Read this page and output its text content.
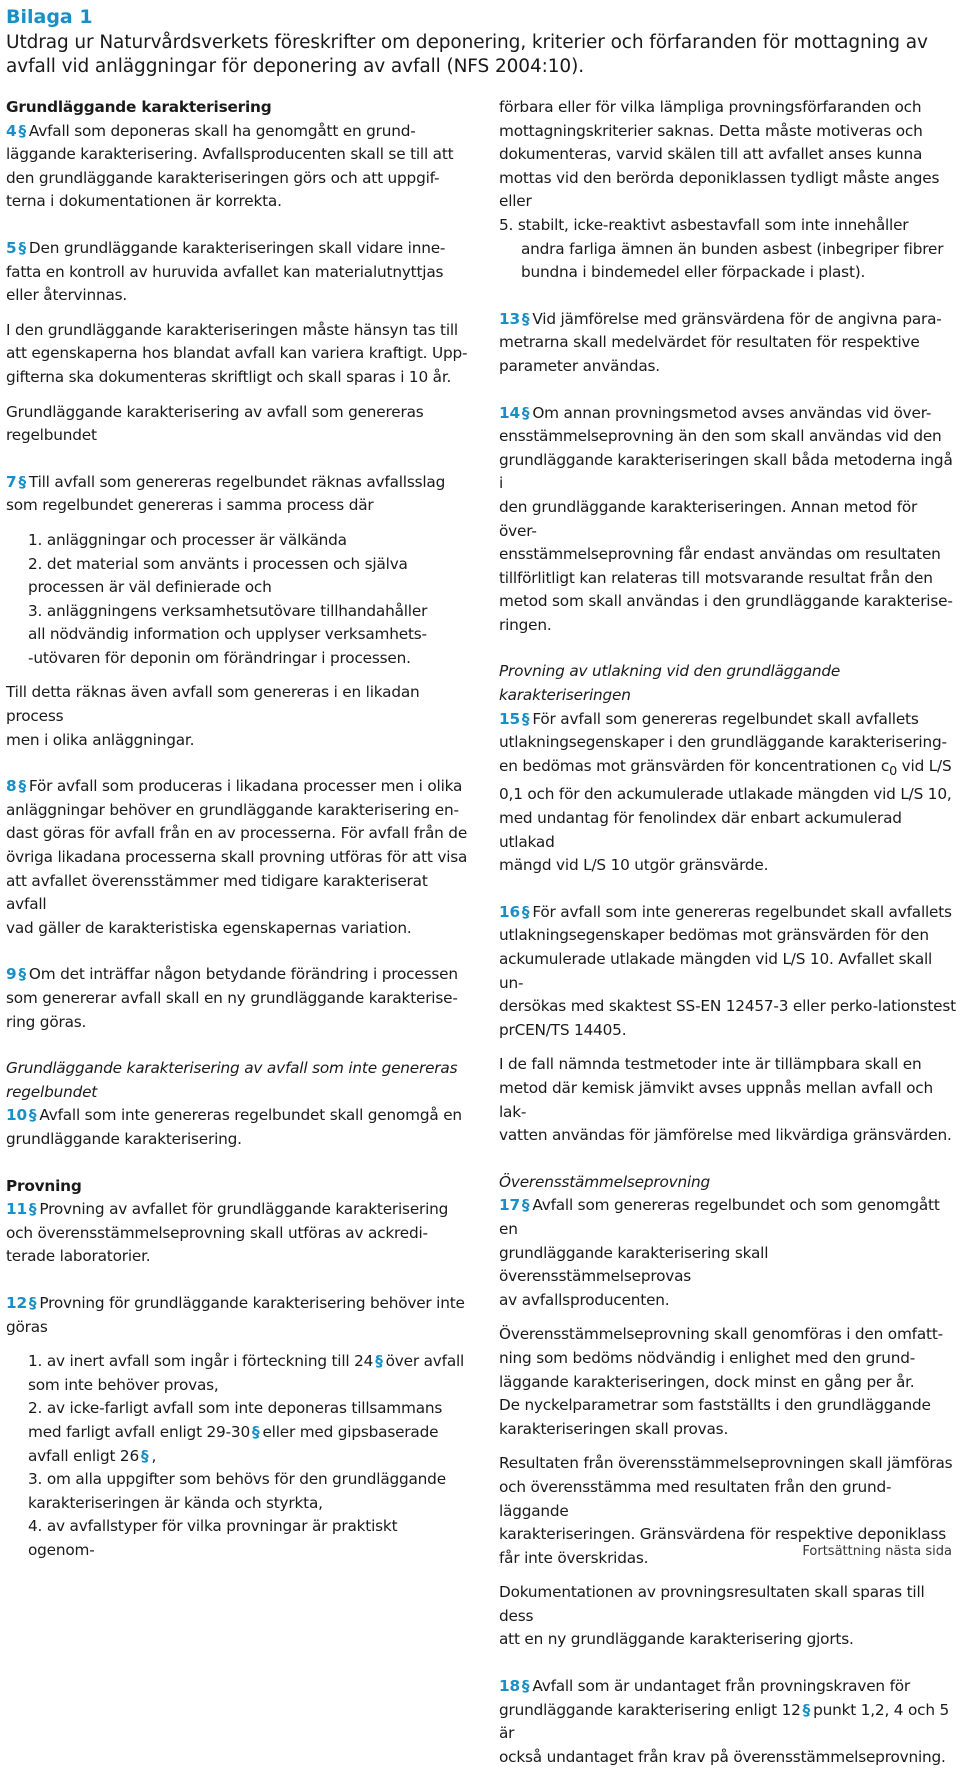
Bilaga 1
Utdrag ur Naturvårdsverkets föreskrifter om deponering, kriterier och förfaranden för mottagning av
avfall vid anläggningar för deponering av avfall (NFS 2004:10).
Grundläggande karakterisering

4 § Avfall som deponeras skall ha genomgått en grund-
läggande karakterisering. Avfallsproducenten skall se till att
den grundläggande karakteriseringen görs och att uppgif-
terna i dokumentationen är korrekta.

5 § Den grundläggande karakteriseringen skall vidare inne-
fatta en kontroll av huruvida avfallet kan materialutnyttjas
eller återvinnas.

I den grundläggande karakteriseringen måste hänsyn tas till
att egenskaperna hos blandat avfall kan variera kraftigt. Upp-
gifterna ska dokumenteras skriftligt och skall sparas i 10 år.

Grundläggande karakterisering av avfall som genereras
regelbundet

7 § Till avfall som genereras regelbundet räknas avfallsslag
som regelbundet genereras i samma process där

1. anläggningar och processer är välkända
2. det material som använts i processen och själva
processen är väl definierade och
3. anläggningens verksamhetsutövare tillhandahåller
all nödvändig information och upplyser verksamhets-
-utövaren för deponin om förändringar i processen.

Till detta räknas även avfall som genereras i en likadan process
men i olika anläggningar.

8 § För avfall som produceras i likadana processer men i olika
anläggningar behöver en grundläggande karakterisering en-
dast göras för avfall från en av processerna. För avfall från de
övriga likadana processerna skall provning utföras för att visa
att avfallet överensstämmer med tidigare karakteriserat avfall
vad gäller de karakteristiska egenskapernas variation.

9 § Om det inträffar någon betydande förändring i processen
som genererar avfall skall en ny grundläggande karakterise-
ring göras.

Grundläggande karakterisering av avfall som inte genereras
regelbundet
10 § Avfall som inte genereras regelbundet skall genomgå en
grundläggande karakterisering.

Provning
11 § Provning av avfallet för grundläggande karakterisering
och överensstämmelseprovning skall utföras av ackredi-
terade laboratorier.

12 § Provning för grundläggande karakterisering behöver inte
göras

1. av inert avfall som ingår i förteckning till 24 § över avfall
som inte behöver provas,
2. av icke-farligt avfall som inte deponeras tillsammans
med farligt avfall enligt 29-30 § eller med gipsbaserade
avfall enligt 26 § ,
3. om alla uppgifter som behövs för den grundläggande
karakteriseringen är kända och styrkta,
4. av avfallstyper för vilka provningar är praktiskt ogenom-

förbara eller för vilka lämpliga provningsförfaranden och
mottagningskriterier saknas. Detta måste motiveras och
dokumenteras, varvid skälen till att avfallet anses kunna
mottas vid den berörda deponiklassen tydligt måste anges
eller
5. stabilt, icke-reaktivt asbestavfall som inte innehåller
andra farliga ämnen än bunden asbest (inbegriper fibrer
bundna i bindemedel eller förpackade i plast).

13 § Vid jämförelse med gränsvärdena för de angivna para-
metrarna skall medelvärdet för resultaten för respektive
parameter användas.

14 § Om annan provningsmetod avses användas vid över-
ensstämmelseprovning än den som skall användas vid den
grundläggande karakteriseringen skall båda metoderna ingå i
den grundläggande karakteriseringen. Annan metod för över-
ensstämmelseprovning får endast användas om resultaten
tillförlitligt kan relateras till motsvarande resultat från den
metod som skall användas i den grundläggande karakterise-
ringen.

Provning av utlakning vid den grundläggande karakteriseringen
15 § För avfall som genereras regelbundet skall avfallets
utlakningsegenskaper i den grundläggande karakterisering-
en bedömas mot gränsvärden för koncentrationen $c_0$ vid L/S
0,1 och för den ackumulerade utlakade mängden vid L/S 10,
med undantag för fenolindex där enbart ackumulerad utlakad
mängd vid L/S 10 utgör gränsvärde.

16 § För avfall som inte genereras regelbundet skall avfallets
utlakningsegenskaper bedömas mot gränsvärden för den
ackumulerade utlakade mängden vid L/S 10. Avfallet skall un-
dersökas med skaktest SS-EN 12457-3 eller perko-lationstest
prCEN/TS 14405.

I de fall nämnda testmetoder inte är tillämpbara skall en
metod där kemisk jämvikt avses uppnås mellan avfall och lak-
vatten användas för jämförelse med likvärdiga gränsvärden.

Överensstämmelseprovning
17 § Avfall som genereras regelbundet och som genomgått en
grundläggande karakterisering skall överensstämmelseprovas
av avfallsproducenten.

Överensstämmelseprovning skall genomföras i den omfatt-
ning som bedöms nödvändig i enlighet med den grund-
läggande karakteriseringen, dock minst en gång per år.
De nyckelparametrar som fastställts i den grundläggande
karakteriseringen skall provas.

Resultaten från överensstämmelseprovningen skall jämföras
och överensstämma med resultaten från den grund-läggande
karakteriseringen. Gränsvärdena för respektive deponiklass
får inte överskridas.

Dokumentationen av provningsresultaten skall sparas till dess
att en ny grundläggande karakterisering gjorts.

18 § Avfall som är undantaget från provningskraven för
grundläggande karakterisering enligt 12 § punkt 1,2, 4 och 5 är
också undantaget från krav på överensstämmelseprovning.

Fortsättning nästa sida
